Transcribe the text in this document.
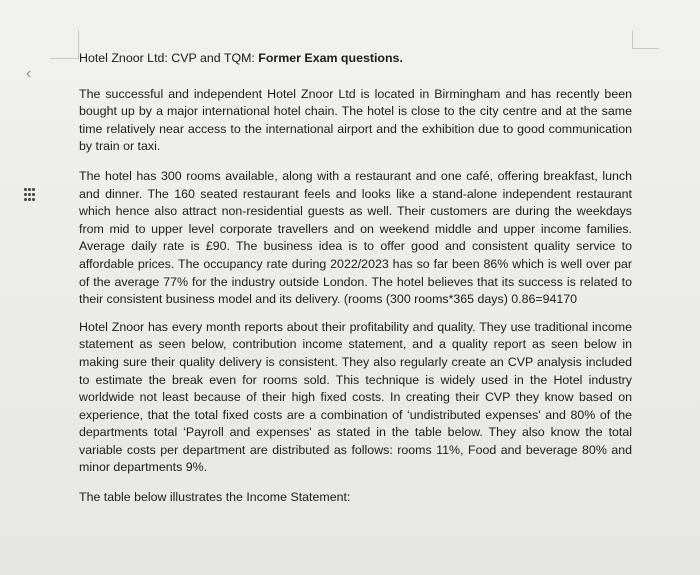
‹

Hotel Znoor Ltd: CVP and TQM: Former Exam questions.

The successful and independent Hotel Znoor Ltd is located in Birmingham and has recently been bought up by a major international hotel chain. The hotel is close to the city centre and at the same time relatively near access to the international airport and the exhibition due to good communication by train or taxi.

The hotel has 300 rooms available, along with a restaurant and one café, offering breakfast, lunch and dinner. The 160 seated restaurant feels and looks like a stand-alone independent restaurant which hence also attract non-residential guests as well. Their customers are during the weekdays from mid to upper level corporate travellers and on weekend middle and upper income families. Average daily rate is £90. The business idea is to offer good and consistent quality service to affordable prices. The occupancy rate during 2022/2023 has so far been 86% which is well over par of the average 77% for the industry outside London. The hotel believes that its success is related to their consistent business model and its delivery. (rooms (300 rooms*365 days) 0.86=94170

Hotel Znoor has every month reports about their profitability and quality. They use traditional income statement as seen below, contribution income statement, and a quality report as seen below in making sure their quality delivery is consistent. They also regularly create an CVP analysis included to estimate the break even for rooms sold. This technique is widely used in the Hotel industry worldwide not least because of their high fixed costs. In creating their CVP they know based on experience, that the total fixed costs are a combination of ‘undistributed expenses' and 80% of the departments total ‘Payroll and expenses' as stated in the table below. They also know the total variable costs per department are distributed as follows: rooms 11%, Food and beverage 80% and minor departments 9%.

The table below illustrates the Income Statement:
